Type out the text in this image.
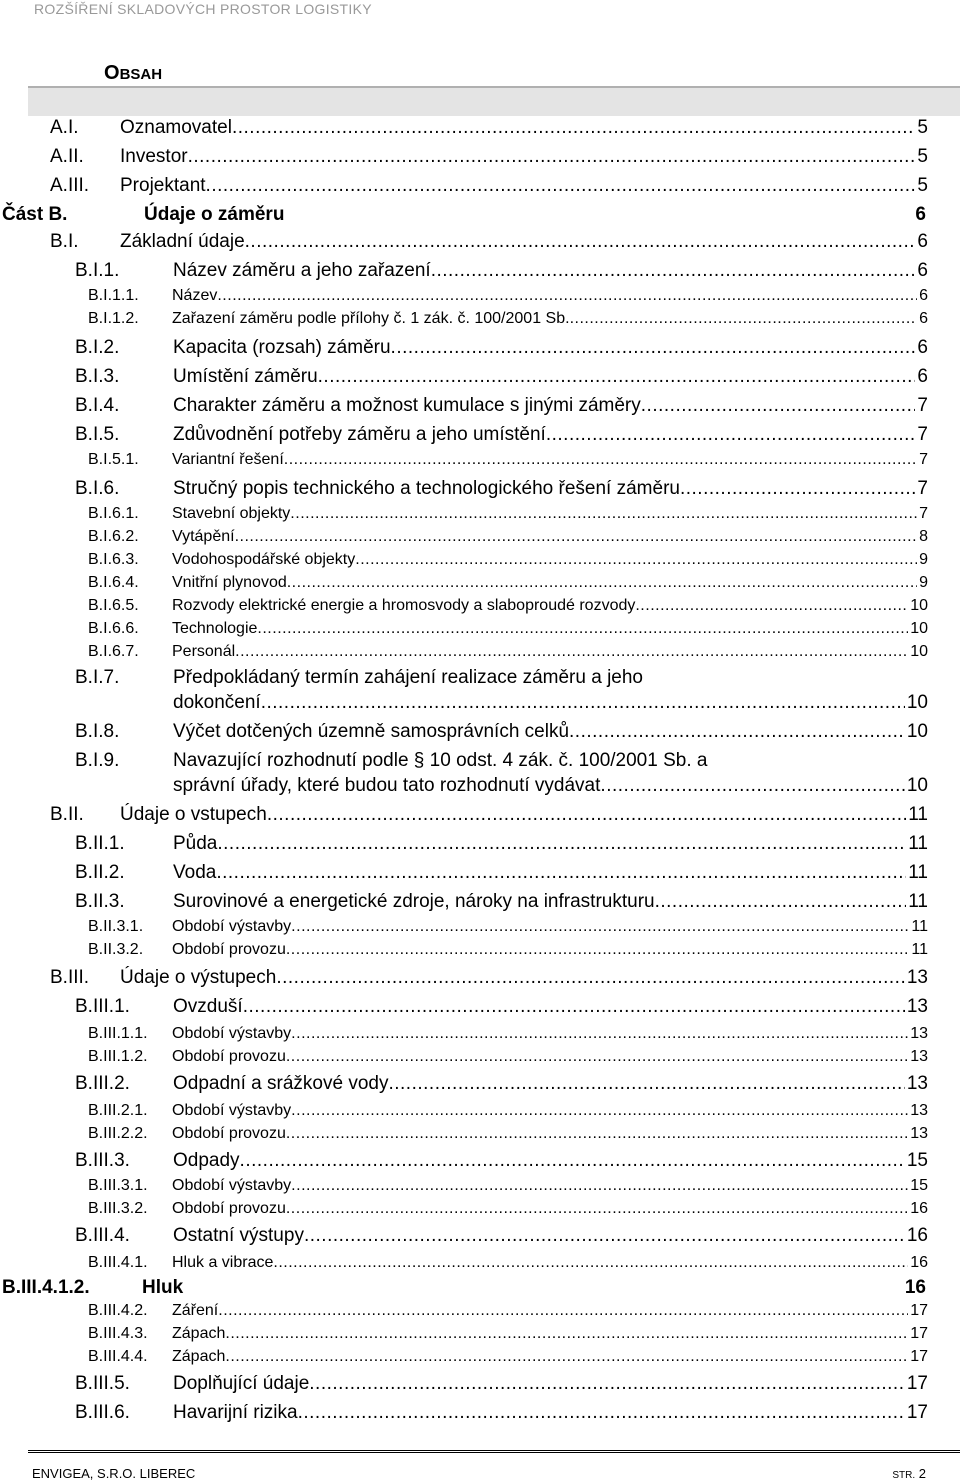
ROZŠÍŘENÍ SKLADOVÝCH PROSTOR LOGISTIKY
OBSAH
A.I.	Oznamovatel .....	5
A.II.	Investor .....	5
A.III.	Projektant .....	5
Část B.	Údaje o záměru	6
B.I.	Základní údaje .....	6
B.I.1.	Název záměru a jeho zařazení .....	6
B.I.1.1.	Název .....	6
B.I.1.2.	Zařazení záměru podle přílohy č. 1 zák. č. 100/2001 Sb. .....	6
B.I.2.	Kapacita (rozsah) záměru .....	6
B.I.3.	Umístění záměru .....	6
B.I.4.	Charakter záměru a možnost kumulace s jinými záměry .....	7
B.I.5.	Zdůvodnění potřeby záměru a jeho umístění .....	7
B.I.5.1.	Variantní řešení .....	7
B.I.6.	Stručný popis technického a technologického řešení záměru .....	7
B.I.6.1.	Stavební objekty .....	7
B.I.6.2.	Vytápění .....	8
B.I.6.3.	Vodohospodářské objekty .....	9
B.I.6.4.	Vnitřní plynovod .....	9
B.I.6.5.	Rozvody elektrické energie a hromosvody a slaboproudé rozvody .....	10
B.I.6.6.	Technologie .....	10
B.I.6.7.	Personál .....	10
B.I.7.	Předpokládaný termín zahájení realizace záměru a jeho
dokončení .....	10
B.I.8.	Výčet dotčených územně samosprávních celků .....	10
B.I.9.	Navazující rozhodnutí podle § 10 odst. 4 zák. č. 100/2001 Sb. a
správní úřady, které budou tato rozhodnutí vydávat .....	10
B.II.	Údaje o vstupech .....	11
B.II.1.	Půda .....	11
B.II.2.	Voda .....	11
B.II.3.	Surovinové a energetické zdroje, nároky na infrastrukturu .....	11
B.II.3.1.	Období výstavby .....	11
B.II.3.2.	Období provozu .....	11
B.III.	Údaje o výstupech .....	13
B.III.1.	Ovzduší .....	13
B.III.1.1.	Období výstavby .....	13
B.III.1.2.	Období provozu .....	13
B.III.2.	Odpadní a srážkové vody .....	13
B.III.2.1.	Období výstavby .....	13
B.III.2.2.	Období provozu .....	13
B.III.3.	Odpady .....	15
B.III.3.1.	Období výstavby .....	15
B.III.3.2.	Období provozu .....	16
B.III.4.	Ostatní výstupy .....	16
B.III.4.1.	Hluk a vibrace .....	16
B.III.4.1.2.	Hluk	16
B.III.4.2.	Záření .....	17
B.III.4.3.	Zápach .....	17
B.III.4.4.	Zápach .....	17
B.III.5.	Doplňující údaje .....	17
B.III.6.	Havarijní rizika .....	17
ENVIGEA, S.R.O. LIBEREC	STR. 2
